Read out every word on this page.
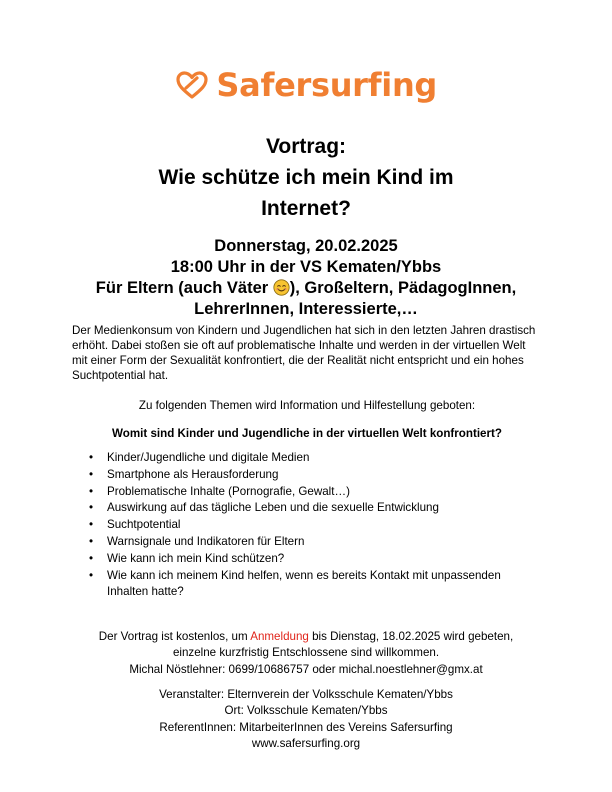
Safersurfing
Vortrag:
Wie schütze ich mein Kind im
Internet?
Donnerstag, 20.02.2025
18:00 Uhr in der VS Kematen/Ybbs
Für Eltern (auch Väter ), Großeltern, PädagogInnen,
LehrerInnen, Interessierte,…
Der Medienkonsum von Kindern und Jugendlichen hat sich in den letzten Jahren drastisch erhöht. Dabei stoßen sie oft auf problematische Inhalte und werden in der virtuellen Welt mit einer Form der Sexualität konfrontiert, die der Realität nicht entspricht und ein hohes Suchtpotential hat.
Zu folgenden Themen wird Information und Hilfestellung geboten:
Womit sind Kinder und Jugendliche in der virtuellen Welt konfrontiert?
• Kinder/Jugendliche und digitale Medien
• Smartphone als Herausforderung
• Problematische Inhalte (Pornografie, Gewalt…)
• Auswirkung auf das tägliche Leben und die sexuelle Entwicklung
• Suchtpotential
• Warnsignale und Indikatoren für Eltern
• Wie kann ich mein Kind schützen?
• Wie kann ich meinem Kind helfen, wenn es bereits Kontakt mit unpassenden Inhalten hatte?
Der Vortrag ist kostenlos, um Anmeldung bis Dienstag, 18.02.2025 wird gebeten,
einzelne kurzfristig Entschlossene sind willkommen.
Michal Nöstlehner: 0699/10686757 oder michal.noestlehner@gmx.at
Veranstalter: Elternverein der Volksschule Kematen/Ybbs
Ort: Volksschule Kematen/Ybbs
ReferentInnen: MitarbeiterInnen des Vereins Safersurfing
www.safersurfing.org
